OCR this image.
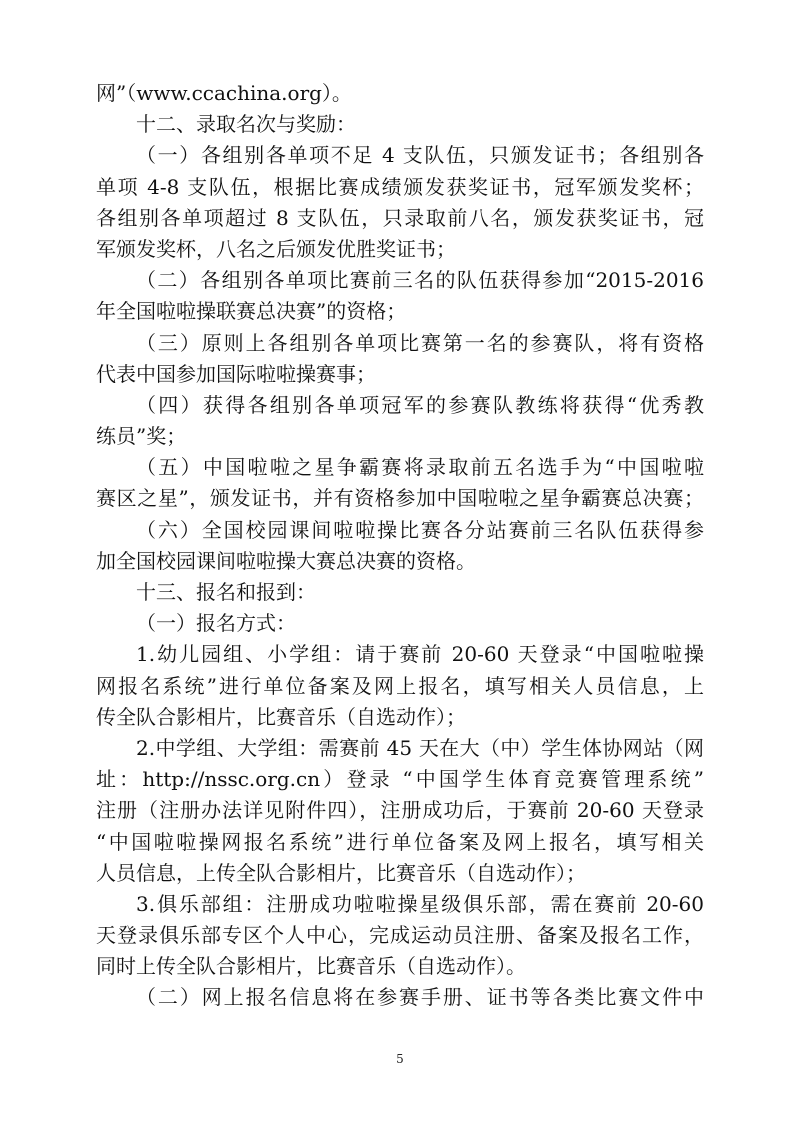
网”（www.ccachina.org）。
十二、录取名次与奖励：
（一）各组别各单项不足 4 支队伍，只颁发证书；各组别各
单项 4-8 支队伍，根据比赛成绩颁发获奖证书，冠军颁发奖杯；
各组别各单项超过 8 支队伍，只录取前八名，颁发获奖证书，冠
军颁发奖杯，八名之后颁发优胜奖证书；
（二）各组别各单项比赛前三名的队伍获得参加“2015-2016
年全国啦啦操联赛总决赛”的资格；
（三）原则上各组别各单项比赛第一名的参赛队，将有资格
代表中国参加国际啦啦操赛事；
（四）获得各组别各单项冠军的参赛队教练将获得“优秀教
练员”奖；
（五）中国啦啦之星争霸赛将录取前五名选手为“中国啦啦
赛区之星”，颁发证书，并有资格参加中国啦啦之星争霸赛总决赛；
（六）全国校园课间啦啦操比赛各分站赛前三名队伍获得参
加全国校园课间啦啦操大赛总决赛的资格。
十三、报名和报到：
（一）报名方式：
1.幼儿园组、小学组：请于赛前 20-60 天登录“中国啦啦操
网报名系统”进行单位备案及网上报名，填写相关人员信息，上
传全队合影相片，比赛音乐（自选动作）；
2.中学组、大学组：需赛前 45 天在大（中）学生体协网站（网
址：http://nssc.org.cn）登录 “中国学生体育竞赛管理系统”
注册（注册办法详见附件四），注册成功后，于赛前 20-60 天登录
“中国啦啦操网报名系统”进行单位备案及网上报名，填写相关
人员信息，上传全队合影相片，比赛音乐（自选动作）；
3.俱乐部组：注册成功啦啦操星级俱乐部，需在赛前 20-60
天登录俱乐部专区个人中心，完成运动员注册、备案及报名工作，
同时上传全队合影相片，比赛音乐（自选动作）。
（二）网上报名信息将在参赛手册、证书等各类比赛文件中
5
